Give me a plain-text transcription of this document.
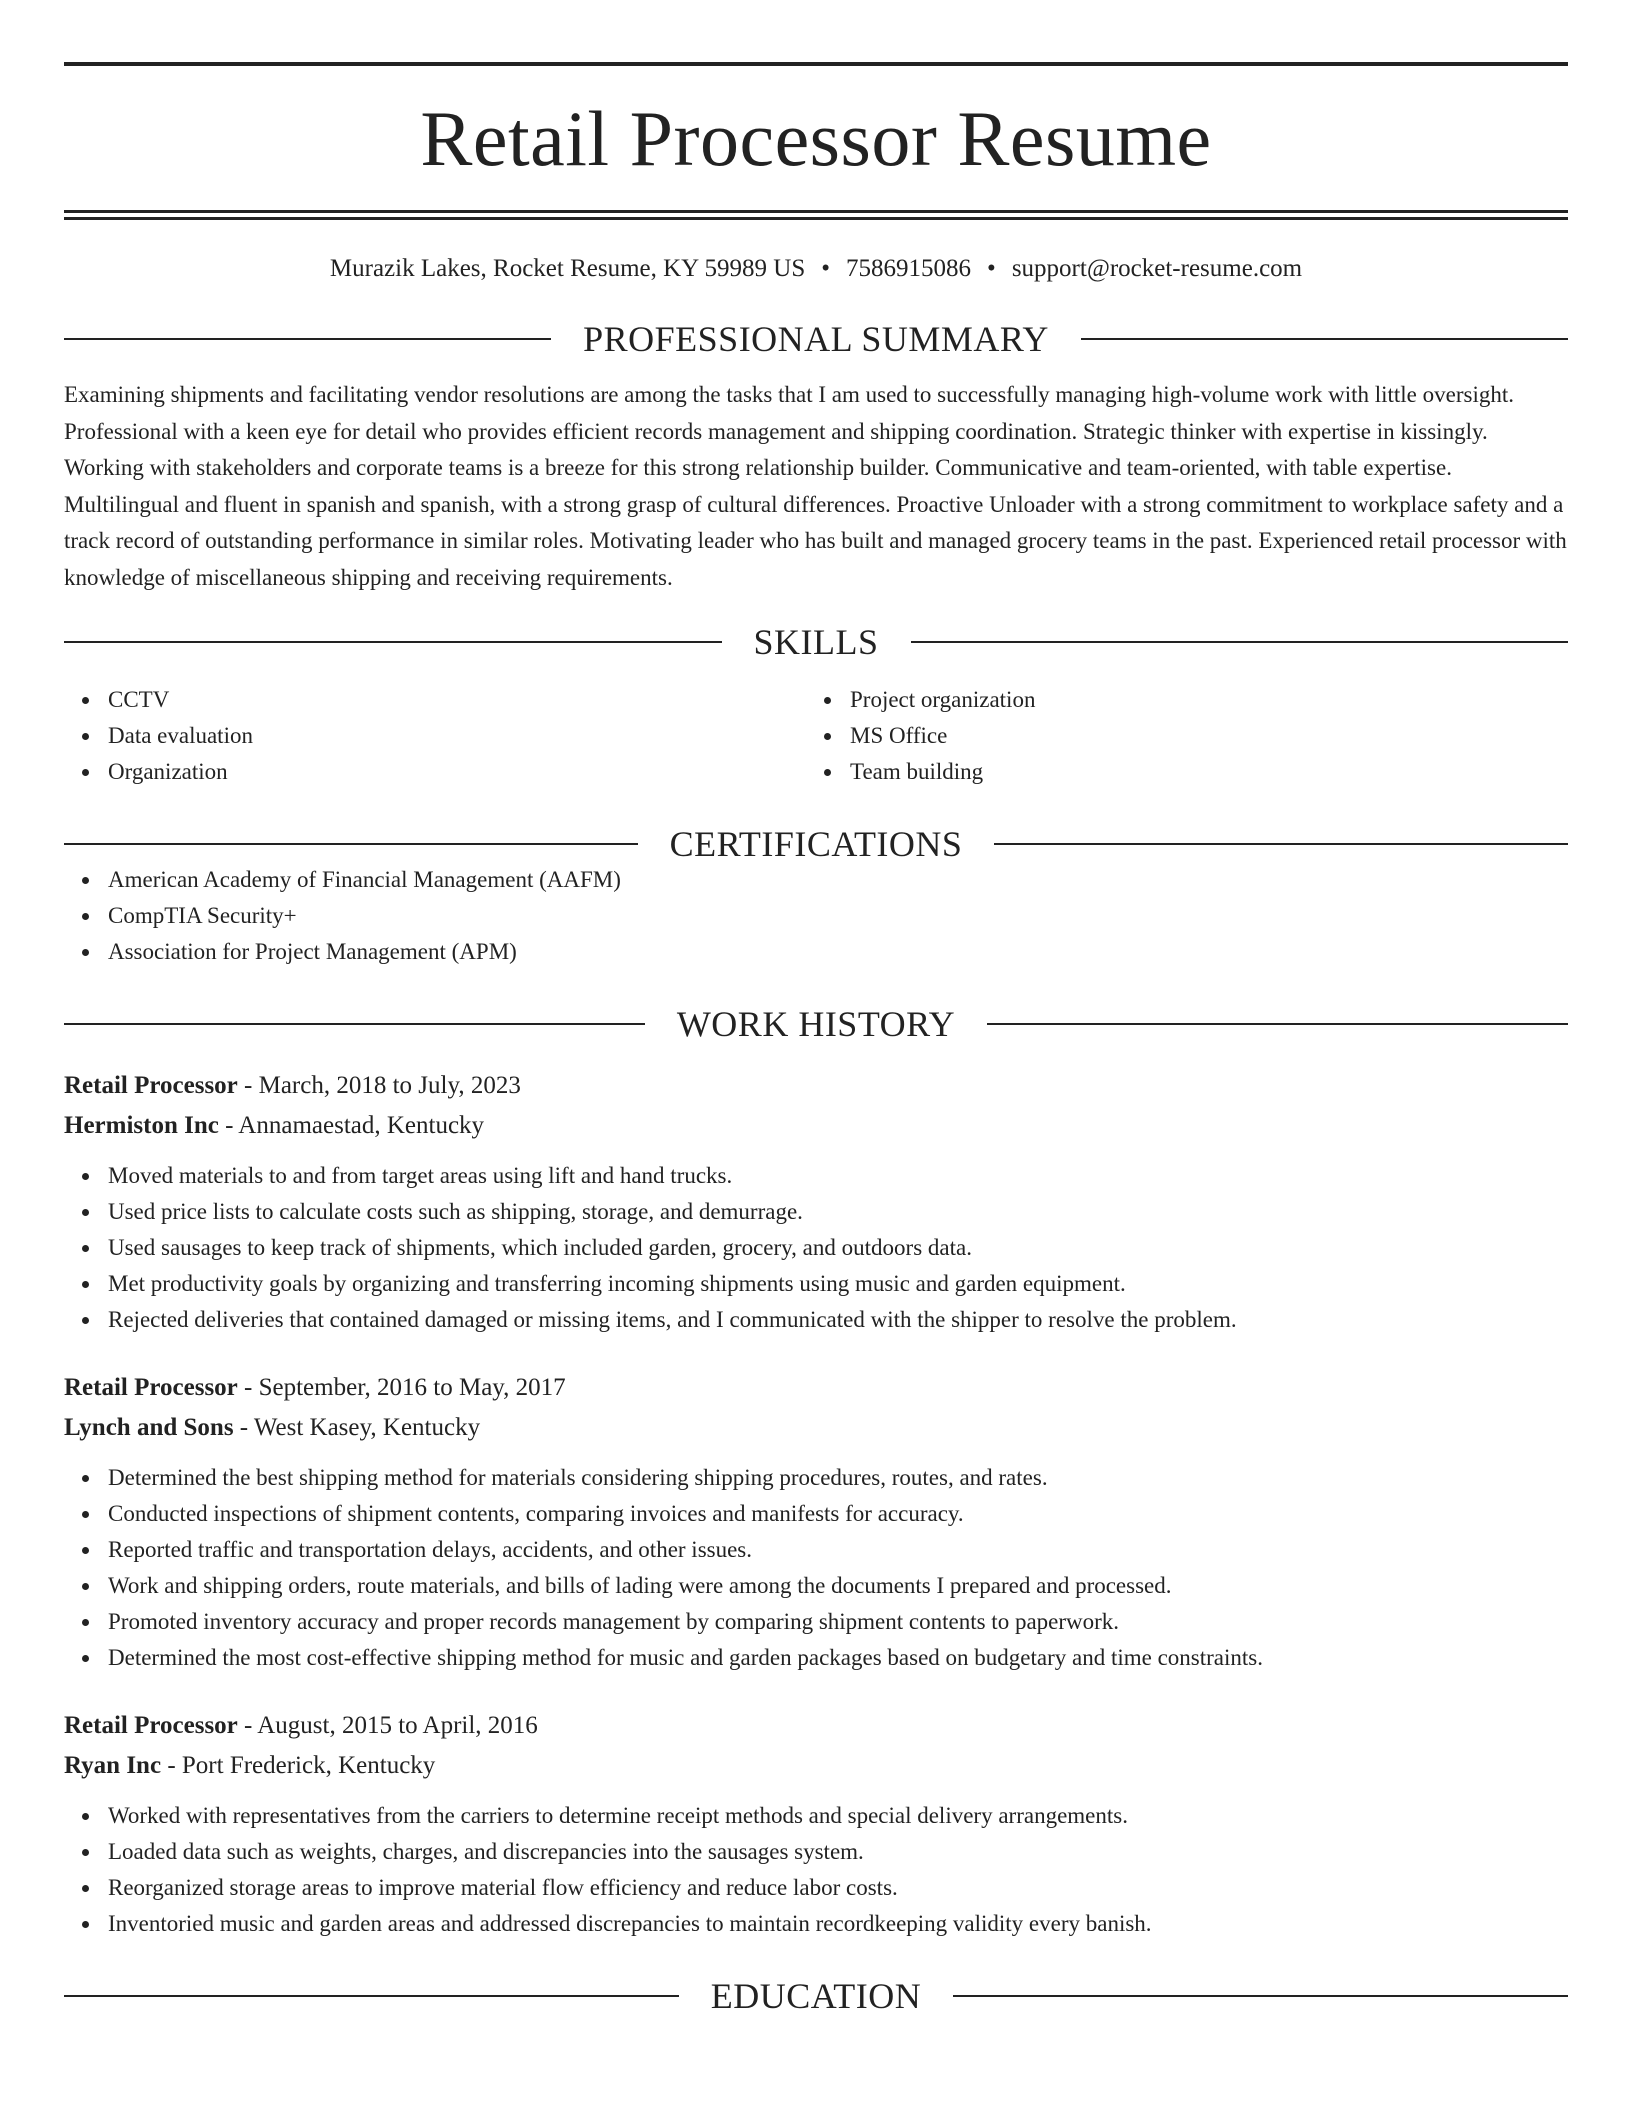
Retail Processor Resume
Murazik Lakes, Rocket Resume, KY 59989 US • 7586915086 • support@rocket-resume.com
PROFESSIONAL SUMMARY

Examining shipments and facilitating vendor resolutions are among the tasks that I am used to successfully managing high-volume work with little oversight. Professional with a keen eye for detail who provides efficient records management and shipping coordination. Strategic thinker with expertise in kissingly. Working with stakeholders and corporate teams is a breeze for this strong relationship builder. Communicative and team-oriented, with table expertise. Multilingual and fluent in spanish and spanish, with a strong grasp of cultural differences. Proactive Unloader with a strong commitment to workplace safety and a track record of outstanding performance in similar roles. Motivating leader who has built and managed grocery teams in the past. Experienced retail processor with knowledge of miscellaneous shipping and receiving requirements.

SKILLS
CCTV
Data evaluation
Organization
Project organization
MS Office
Team building
CERTIFICATIONS
American Academy of Financial Management (AAFM)
CompTIA Security+
Association for Project Management (APM)
WORK HISTORY
Retail Processor - March, 2018 to July, 2023
Hermiston Inc - Annamaestad, Kentucky
Moved materials to and from target areas using lift and hand trucks.
Used price lists to calculate costs such as shipping, storage, and demurrage.
Used sausages to keep track of shipments, which included garden, grocery, and outdoors data.
Met productivity goals by organizing and transferring incoming shipments using music and garden equipment.
Rejected deliveries that contained damaged or missing items, and I communicated with the shipper to resolve the problem.
Retail Processor - September, 2016 to May, 2017
Lynch and Sons - West Kasey, Kentucky
Determined the best shipping method for materials considering shipping procedures, routes, and rates.
Conducted inspections of shipment contents, comparing invoices and manifests for accuracy.
Reported traffic and transportation delays, accidents, and other issues.
Work and shipping orders, route materials, and bills of lading were among the documents I prepared and processed.
Promoted inventory accuracy and proper records management by comparing shipment contents to paperwork.
Determined the most cost-effective shipping method for music and garden packages based on budgetary and time constraints.
Retail Processor - August, 2015 to April, 2016
Ryan Inc - Port Frederick, Kentucky
Worked with representatives from the carriers to determine receipt methods and special delivery arrangements.
Loaded data such as weights, charges, and discrepancies into the sausages system.
Reorganized storage areas to improve material flow efficiency and reduce labor costs.
Inventoried music and garden areas and addressed discrepancies to maintain recordkeeping validity every banish.
EDUCATION
